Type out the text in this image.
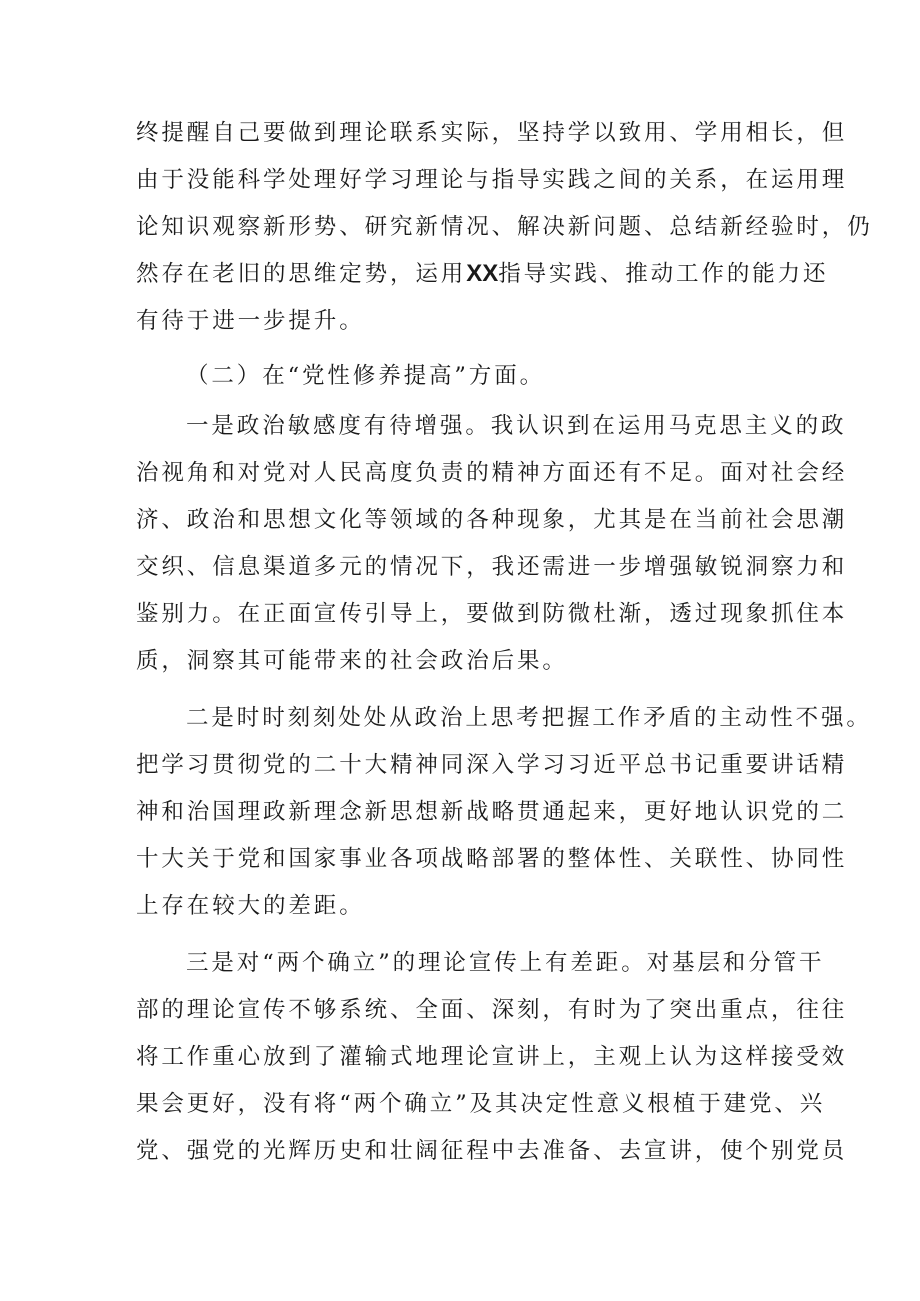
终提醒自己要做到理论联系实际，坚持学以致用、学用相长，但
由于没能科学处理好学习理论与指导实践之间的关系，在运用理
论知识观察新形势、研究新情况、解决新问题、总结新经验时，仍
然存在老旧的思维定势，运用XX指导实践、推动工作的能力还
有待于进一步提升。
（二）在“党性修养提高”方面。
一是政治敏感度有待增强。我认识到在运用马克思主义的政
治视角和对党对人民高度负责的精神方面还有不足。面对社会经
济、政治和思想文化等领域的各种现象，尤其是在当前社会思潮
交织、信息渠道多元的情况下，我还需进一步增强敏锐洞察力和
鉴别力。在正面宣传引导上，要做到防微杜渐，透过现象抓住本
质，洞察其可能带来的社会政治后果。
二是时时刻刻处处从政治上思考把握工作矛盾的主动性不强。
把学习贯彻党的二十大精神同深入学习习近平总书记重要讲话精
神和治国理政新理念新思想新战略贯通起来，更好地认识党的二
十大关于党和国家事业各项战略部署的整体性、关联性、协同性
上存在较大的差距。
三是对“两个确立”的理论宣传上有差距。对基层和分管干
部的理论宣传不够系统、全面、深刻，有时为了突出重点，往往
将工作重心放到了灌输式地理论宣讲上，主观上认为这样接受效
果会更好，没有将“两个确立”及其决定性意义根植于建党、兴
党、强党的光辉历史和壮阔征程中去准备、去宣讲，使个别党员
